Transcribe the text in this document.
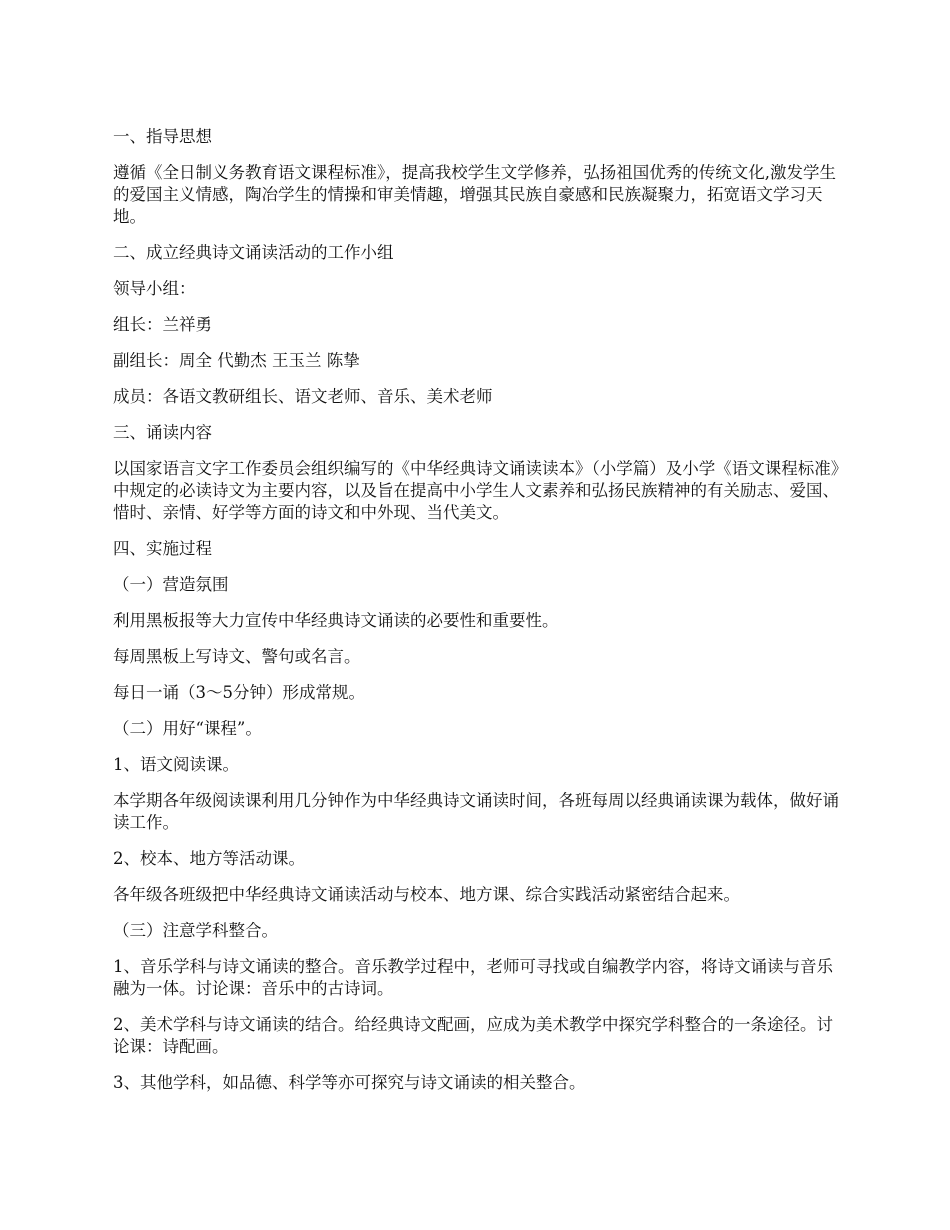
一、指导思想

遵循《全日制义务教育语文课程标准》，提高我校学生文学修养，弘扬祖国优秀的传统文化,激发学生的爱国主义情感，陶冶学生的情操和审美情趣，增强其民族自豪感和民族凝聚力，拓宽语文学习天地。

二、成立经典诗文诵读活动的工作小组

领导小组：

组长：兰祥勇

副组长：周全 代勤杰 王玉兰 陈挚

成员：各语文教研组长、语文老师、音乐、美术老师

三、诵读内容

以国家语言文字工作委员会组织编写的《中华经典诗文诵读读本》（小学篇）及小学《语文课程标准》中规定的必读诗文为主要内容，以及旨在提高中小学生人文素养和弘扬民族精神的有关励志、爱国、惜时、亲情、好学等方面的诗文和中外现、当代美文。

四、实施过程

（一）营造氛围

利用黑板报等大力宣传中华经典诗文诵读的必要性和重要性。

每周黑板上写诗文、警句或名言。

每日一诵（3～5分钟）形成常规。

（二）用好“课程”。

1、语文阅读课。

本学期各年级阅读课利用几分钟作为中华经典诗文诵读时间，各班每周以经典诵读课为载体，做好诵读工作。

2、校本、地方等活动课。

各年级各班级把中华经典诗文诵读活动与校本、地方课、综合实践活动紧密结合起来。

（三）注意学科整合。

1、音乐学科与诗文诵读的整合。音乐教学过程中，老师可寻找或自编教学内容，将诗文诵读与音乐融为一体。讨论课：音乐中的古诗词。

2、美术学科与诗文诵读的结合。给经典诗文配画，应成为美术教学中探究学科整合的一条途径。讨论课：诗配画。

3、其他学科，如品德、科学等亦可探究与诗文诵读的相关整合。
